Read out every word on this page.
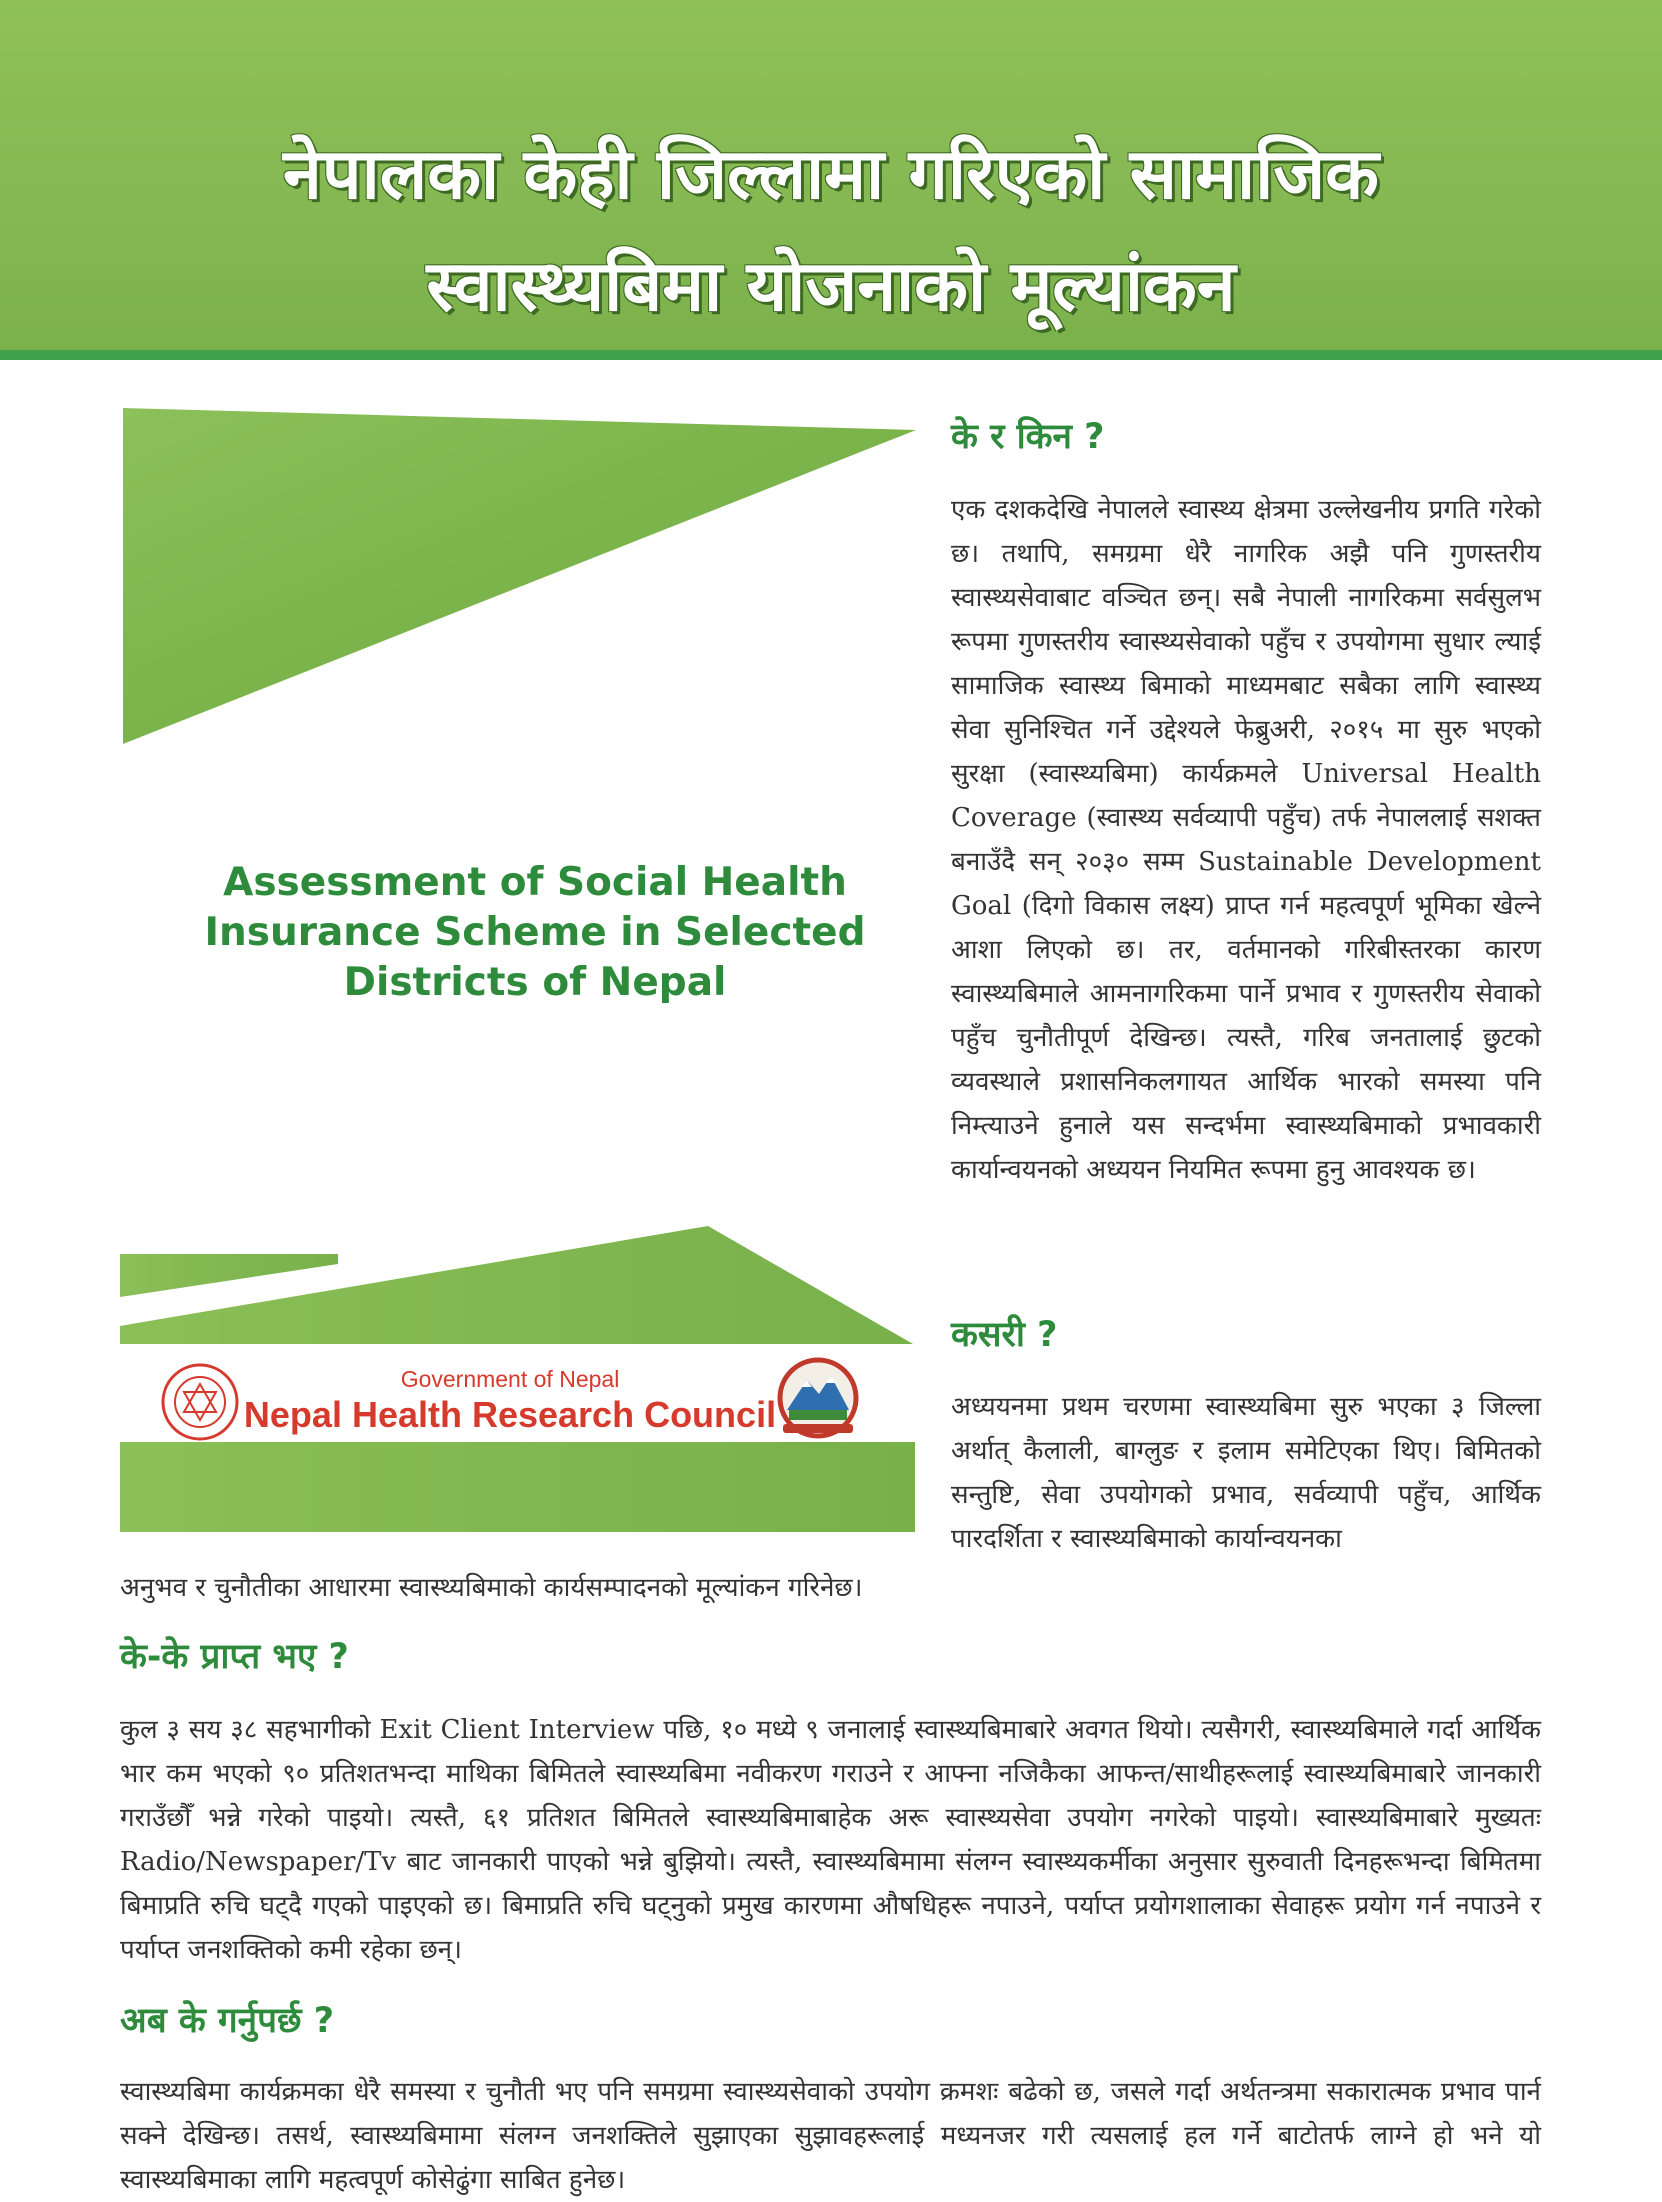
नेपालका केही जिल्लामा गरिएको सामाजिक
स्वास्थ्यबिमा योजनाको मूल्यांकन
Assessment of Social Health Insurance Scheme in Selected Districts of Nepal
Government of Nepal
Nepal Health Research Council
के र किन ?

एक दशकदेखि नेपालले स्वास्थ्य क्षेत्रमा उल्लेखनीय प्रगति गरेको छ। तथापि, समग्रमा धेरै नागरिक अझै पनि गुणस्तरीय स्वास्थ्यसेवाबाट वञ्चित छन्। सबै नेपाली नागरिकमा सर्वसुलभ रूपमा गुणस्तरीय स्वास्थ्यसेवाको पहुँच र उपयोगमा सुधार ल्याई सामाजिक स्वास्थ्य बिमाको माध्यमबाट सबैका लागि स्वास्थ्य सेवा सुनिश्चित गर्ने उद्देश्यले फेब्रुअरी, २०१५ मा सुरु भएको सुरक्षा (स्वास्थ्यबिमा) कार्यक्रमले Universal Health Coverage (स्वास्थ्य सर्वव्यापी पहुँच) तर्फ नेपाललाई सशक्त बनाउँदै सन् २०३० सम्म Sustainable Development Goal (दिगो विकास लक्ष्य) प्राप्त गर्न महत्वपूर्ण भूमिका खेल्ने आशा लिएको छ। तर, वर्तमानको गरिबीस्तरका कारण स्वास्थ्यबिमाले आमनागरिकमा पार्ने प्रभाव र गुणस्तरीय सेवाको पहुँच चुनौतीपूर्ण देखिन्छ। त्यस्तै, गरिब जनतालाई छुटको व्यवस्थाले प्रशासनिकलगायत आर्थिक भारको समस्या पनि निम्त्याउने हुनाले यस सन्दर्भमा स्वास्थ्यबिमाको प्रभावकारी कार्यान्वयनको अध्ययन नियमित रूपमा हुनु आवश्यक छ।

कसरी ?

अध्ययनमा प्रथम चरणमा स्वास्थ्यबिमा सुरु भएका ३ जिल्ला अर्थात् कैलाली, बाग्लुङ र इलाम समेटिएका थिए। बिमितको सन्तुष्टि, सेवा उपयोगको प्रभाव, सर्वव्यापी पहुँच, आर्थिक पारदर्शिता र स्वास्थ्यबिमाको कार्यान्वयनका

अनुभव र चुनौतीका आधारमा स्वास्थ्यबिमाको कार्यसम्पादनको मूल्यांकन गरिनेछ।

के-के प्राप्त भए ?

कुल ३ सय ३८ सहभागीको Exit Client Interview पछि, १० मध्ये ९ जनालाई स्वास्थ्यबिमाबारे अवगत थियो। त्यसैगरी, स्वास्थ्यबिमाले गर्दा आर्थिक भार कम भएको ९० प्रतिशतभन्दा माथिका बिमितले स्वास्थ्यबिमा नवीकरण गराउने र आफ्ना नजिकैका आफन्त/साथीहरूलाई स्वास्थ्यबिमाबारे जानकारी गराउँछौँ भन्ने गरेको पाइयो। त्यस्तै, ६१ प्रतिशत बिमितले स्वास्थ्यबिमाबाहेक अरू स्वास्थ्यसेवा उपयोग नगरेको पाइयो। स्वास्थ्यबिमाबारे मुख्यतः Radio/Newspaper/Tv बाट जानकारी पाएको भन्ने बुझियो। त्यस्तै, स्वास्थ्यबिमामा संलग्न स्वास्थ्यकर्मीका अनुसार सुरुवाती दिनहरूभन्दा बिमितमा बिमाप्रति रुचि घट्दै गएको पाइएको छ। बिमाप्रति रुचि घट्नुको प्रमुख कारणमा औषधिहरू नपाउने, पर्याप्त प्रयोगशालाका सेवाहरू प्रयोग गर्न नपाउने र पर्याप्त जनशक्तिको कमी रहेका छन्।

अब के गर्नुपर्छ ?

स्वास्थ्यबिमा कार्यक्रमका धेरै समस्या र चुनौती भए पनि समग्रमा स्वास्थ्यसेवाको उपयोग क्रमशः बढेको छ, जसले गर्दा अर्थतन्त्रमा सकारात्मक प्रभाव पार्न सक्ने देखिन्छ। तसर्थ, स्वास्थ्यबिमामा संलग्न जनशक्तिले सुझाएका सुझावहरूलाई मध्यनजर गरी त्यसलाई हल गर्ने बाटोतर्फ लाग्ने हो भने यो स्वास्थ्यबिमाका लागि महत्वपूर्ण कोसेढुंगा साबित हुनेछ।
